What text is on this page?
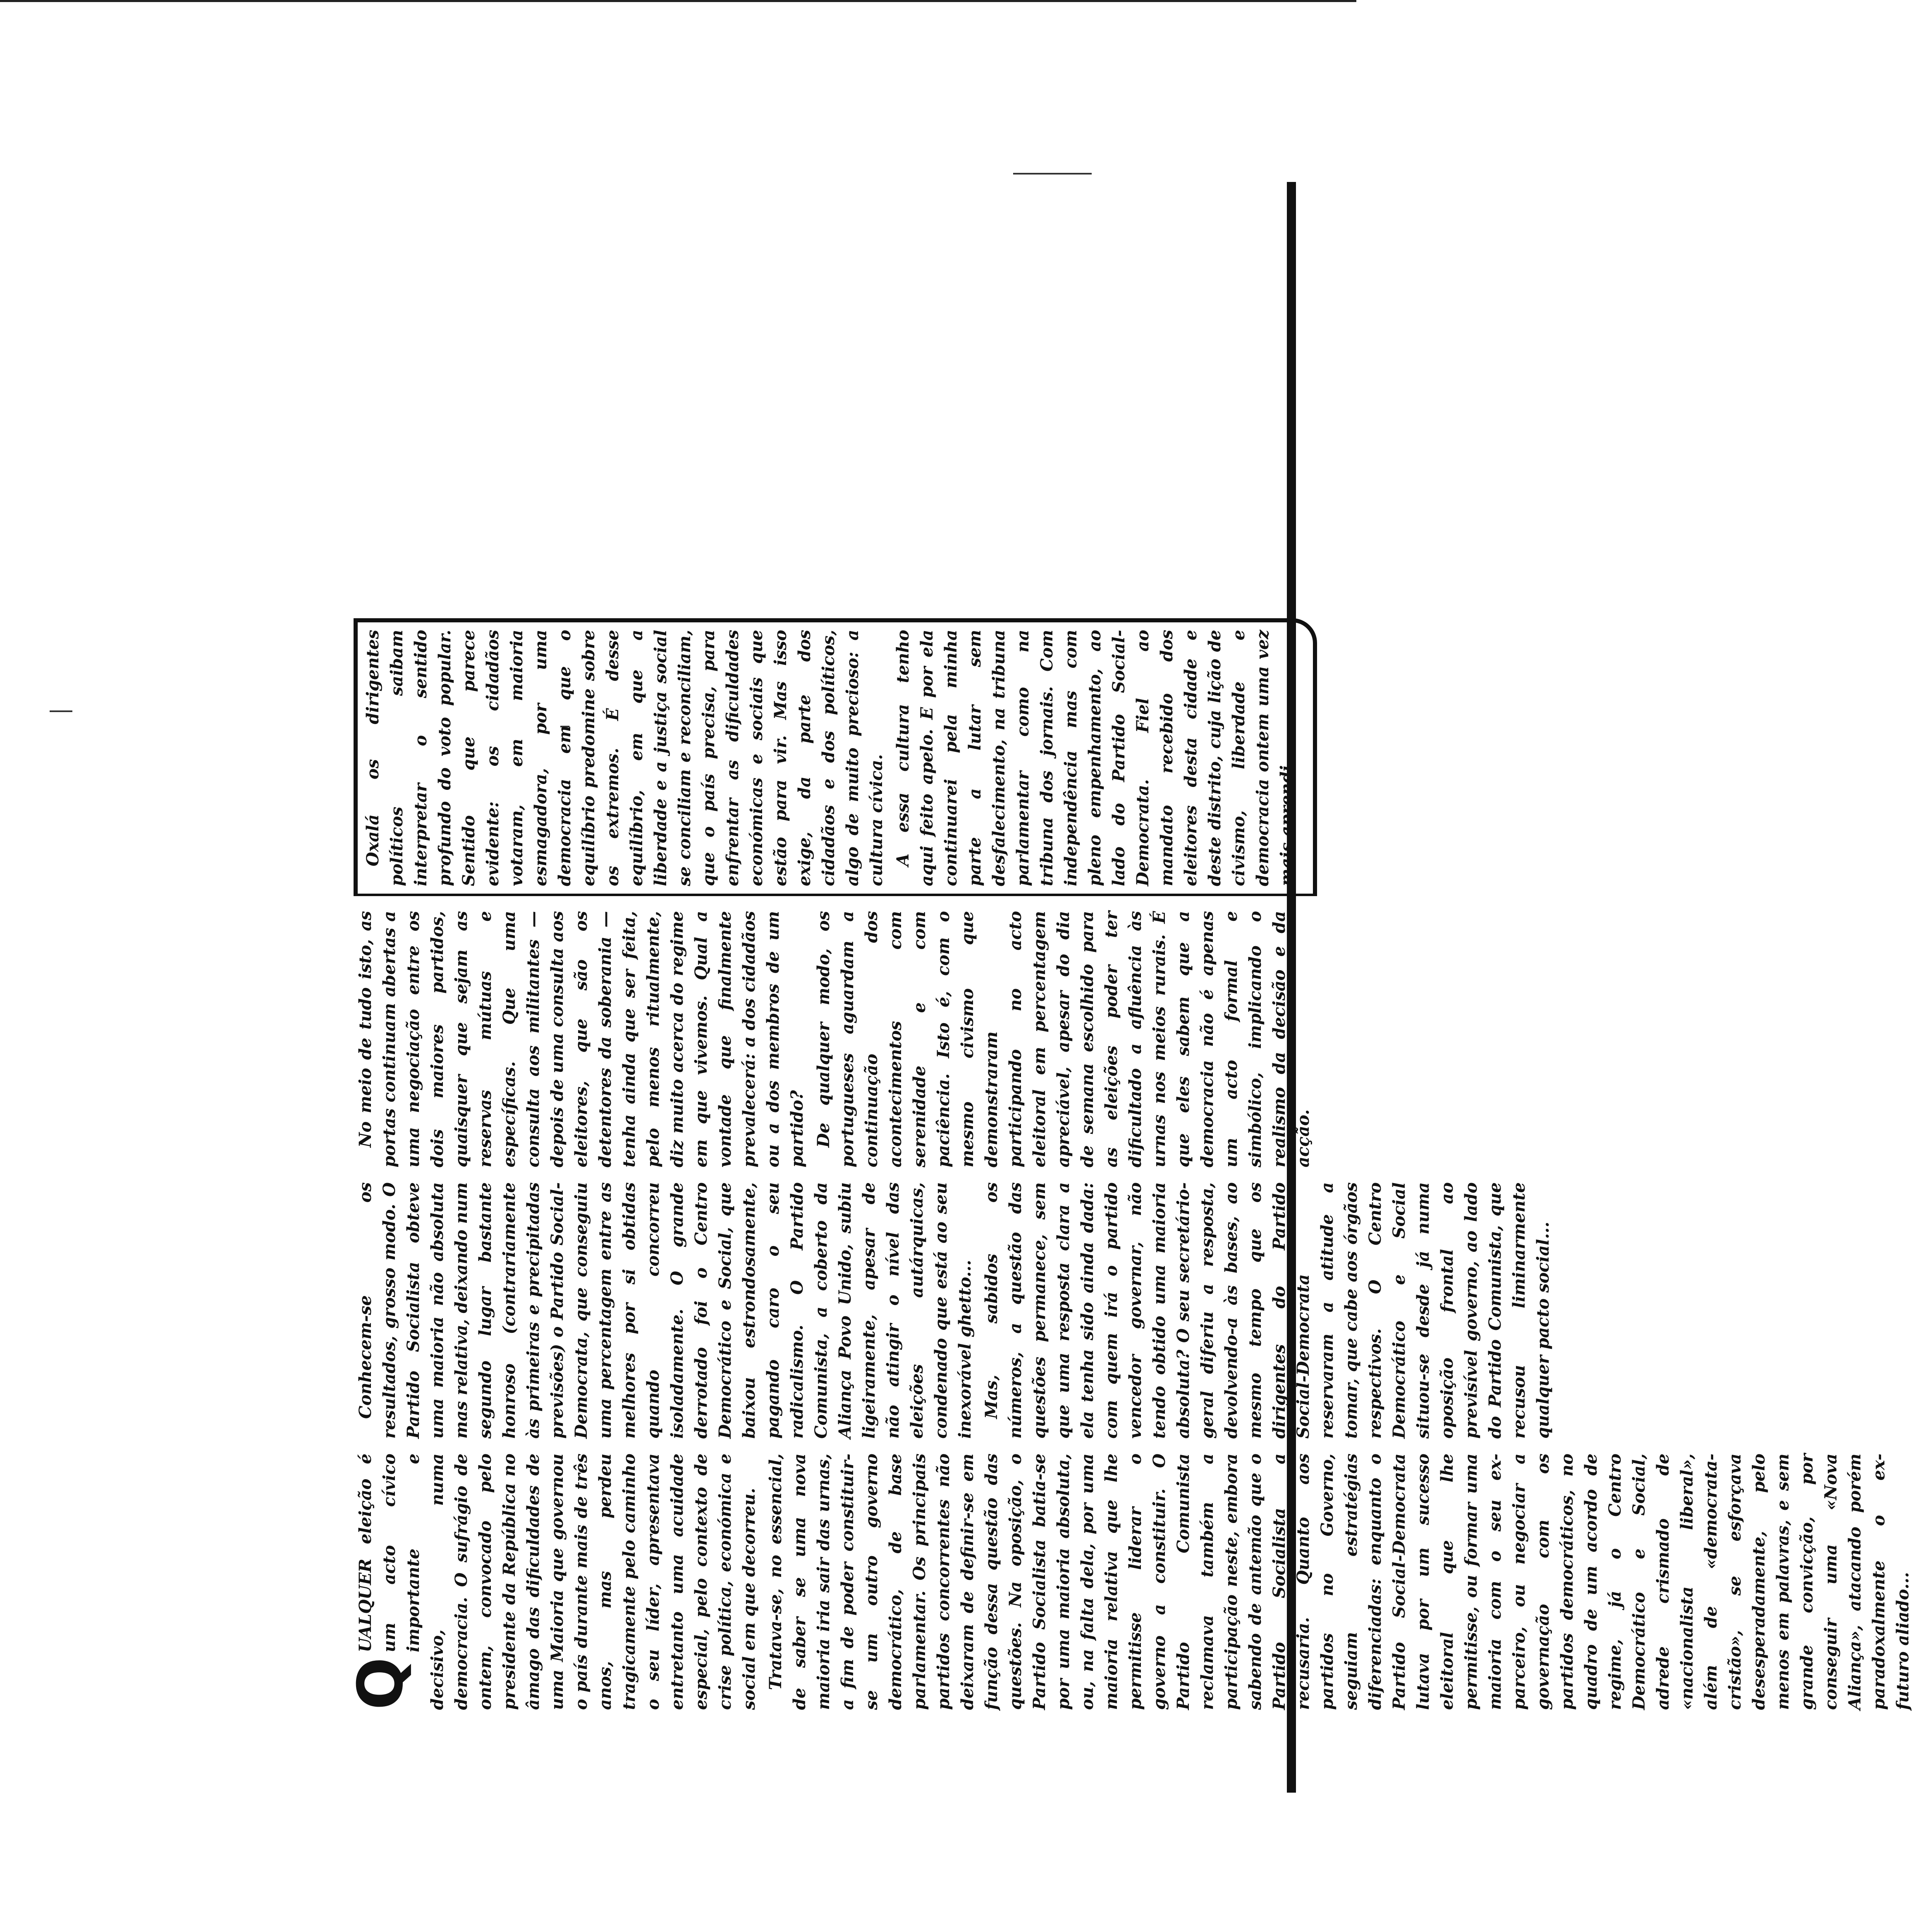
Q
UALQUER eleição é um acto cívico importante e decisivo, numa democracia. O sufrágio de ontem, convocado pelo presidente da República no âmago das dificuldades de uma Maioria que governou o país durante mais de três anos, mas perdeu tragicamente pelo caminho o seu líder, apresentava entretanto uma acuidade especial, pelo contexto de crise política, económica e social em que decorreu. Tratava-se, no essencial, de saber se uma nova maioria iria sair das urnas, a fim de poder constituir-se um outro governo democrático, de base parlamentar. Os principais partidos concorrentes não deixaram de definir-se em função dessa questão das questões. Na oposição, o Partido Socialista batia-se por uma maioria absoluta, ou, na falta dela, por uma maioria relativa que lhe permitisse liderar o governo a constituir. O Partido Comunista reclamava também a participação neste, embora sabendo de antemão que o Partido Socialista a recusaria. Quanto aos partidos no Governo, seguiam estratégias diferenciadas: enquanto o Partido Social-Democrata lutava por um sucesso eleitoral que lhe permitisse, ou formar uma maioria com o seu ex-parceiro, ou negociar a governação com os partidos democráticos, no quadro de um acordo de regime, já o Centro Democrático e Social, adrede crismado de «nacionalista liberal», além de «democrata-cristão», se esforçava desesperadamente, pelo menos em palavras, e sem grande convicção, por conseguir uma «Nova Aliança», atacando porém paradoxalmente o ex-futuro aliado...

Conhecem-se os resultados, grosso modo. O Partido Socialista obteve uma maioria não absoluta mas relativa, deixando num segundo lugar bastante honroso (contrariamente às primeiras e precipitadas previsões) o Partido Social-Democrata, que conseguiu uma percentagem entre as melhores por si obtidas quando concorreu isoladamente. O grande derrotado foi o Centro Democrático e Social, que baixou estrondosamente, pagando caro o seu radicalismo. O Partido Comunista, a coberto da Aliança Povo Unido, subiu ligeiramente, apesar de não atingir o nível das eleições autárquicas, condenado que está ao seu inexorável ghetto... Mas, sabidos os números, a questão das questões permanece, sem que uma resposta clara a ela tenha sido ainda dada: com quem irá o partido vencedor governar, não tendo obtido uma maioria absoluta? O seu secretário-geral diferiu a resposta, devolvendo-a às bases, ao mesmo tempo que os dirigentes do Partido Social-Democrata reservaram a atitude a tomar, que cabe aos órgãos respectivos. O Centro Democrático e Social situou-se desde já numa oposição frontal ao previsível governo, ao lado do Partido Comunista, que recusou liminarmente qualquer pacto social...

No meio de tudo isto, as portas continuam abertas a uma negociação entre os dois maiores partidos, quaisquer que sejam as reservas mútuas e específicas. Que uma consulta aos militantes — depois de uma consulta aos eleitores, que são os detentores da soberania — tenha ainda que ser feita, pelo menos ritualmente, diz muito acerca do regime em que vivemos. Qual a vontade que finalmente prevalecerá: a dos cidadãos ou a dos membros de um partido? De qualquer modo, os portugueses aguardam a continuação dos acontecimentos com serenidade e com paciência. Isto é, com o mesmo civismo que demonstraram participando no acto eleitoral em percentagem apreciável, apesar do dia de semana escolhido para as eleições poder ter dificultado a afluência às urnas nos meios rurais. É que eles sabem que a democracia não é apenas um acto formal e simbólico, implicando o realismo da decisão e da acção.

Oxalá os dirigentes políticos saibam interpretar o sentido profundo do voto popular. Sentido que parece evidente: os cidadãos votaram, em maioria esmagadora, por uma democracia em que o equilíbrio predomine sobre os extremos. É desse equilíbrio, em que a liberdade e a justiça social se conciliam e reconciliam, que o país precisa, para enfrentar as dificuldades económicas e sociais que estão para vir. Mas isso exige, da parte dos cidadãos e dos políticos, algo de muito precioso: a cultura cívica. A essa cultura tenho aqui feito apelo. E por ela continuarei pela minha parte a lutar sem desfalecimento, na tribuna parlamentar como na tribuna dos jornais. Com independência mas com pleno empenhamento, ao lado do Partido Social-Democrata. Fiel ao mandato recebido dos eleitores desta cidade e deste distrito, cuja lição de civismo, liberdade e democracia ontem uma vez mais aprendi.
